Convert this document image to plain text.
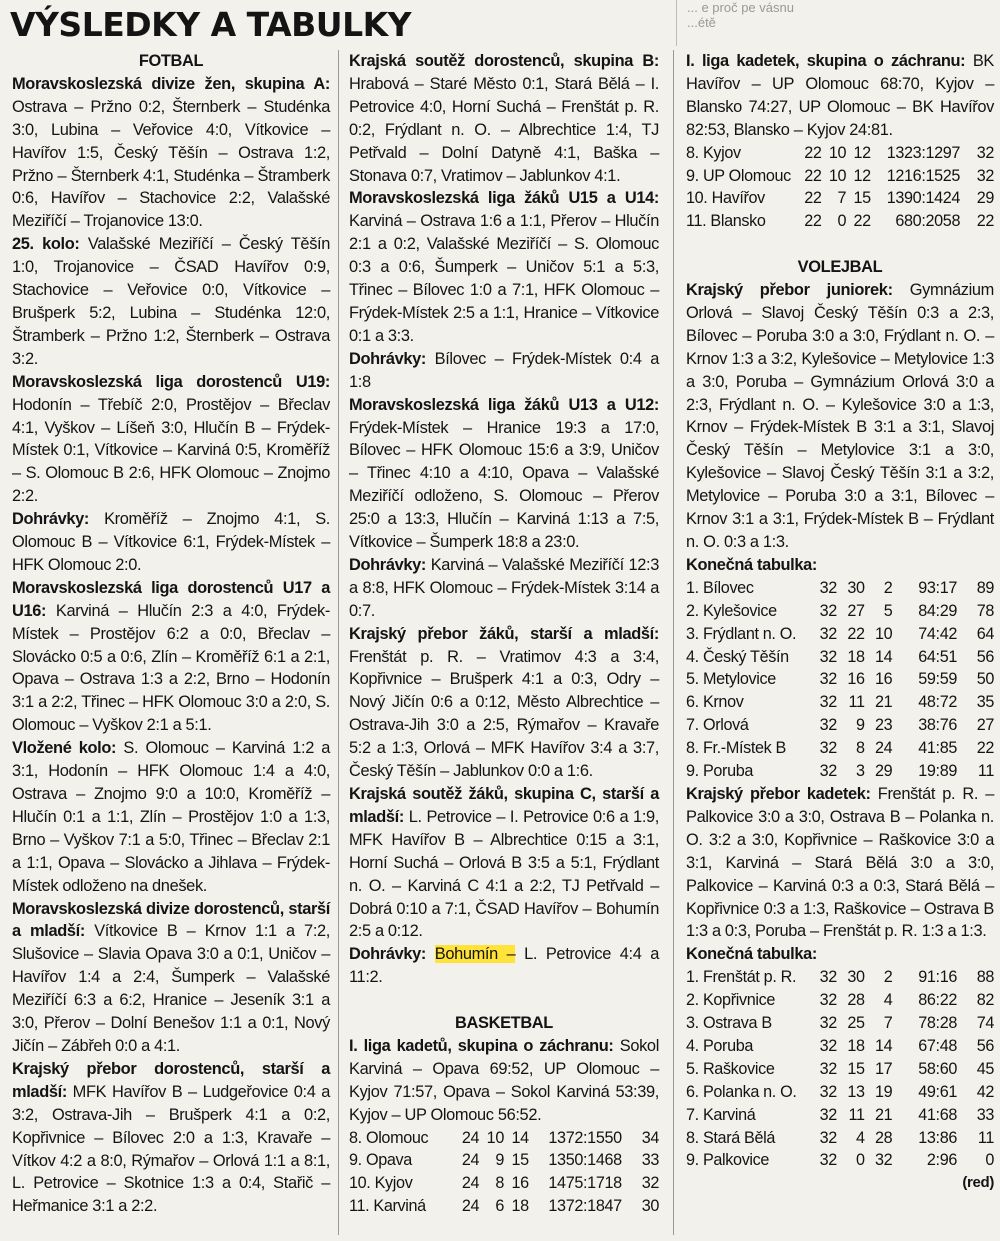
VÝSLEDKY A TABULKY	... e proč pe vásnu
...étě
FOTBAL
Moravskoslezská divize žen, skupina A: Ostrava – Pržno 0:2, Šternberk – Studénka 3:0, Lubina – Veřovice 4:0, Vítkovice – Havířov 1:5, Český Těšín – Ostrava 1:2, Pržno – Šternberk 4:1, Studénka – Štramberk 0:6, Havířov – Stachovice 2:2, Valašské Meziříčí – Trojanovice 13:0.
25. kolo: Valašské Meziříčí – Český Těšín 1:0, Trojanovice – ČSAD Havířov 0:9, Stachovice – Veřovice 0:0, Vítkovice – Brušperk 5:2, Lubina – Studénka 12:0, Štramberk – Pržno 1:2, Šternberk – Ostrava 3:2.
Moravskoslezská liga dorostenců U19: Hodonín – Třebíč 2:0, Prostějov – Břeclav 4:1, Vyškov – Líšeň 3:0, Hlučín B – Frýdek-Místek 0:1, Vítkovice – Karviná 0:5, Kroměříž – S. Olomouc B 2:6, HFK Olomouc – Znojmo 2:2.
Dohrávky: Kroměříž – Znojmo 4:1, S. Olomouc B – Vítkovice 6:1, Frýdek-Místek – HFK Olomouc 2:0.
Moravskoslezská liga dorostenců U17 a U16: Karviná – Hlučín 2:3 a 4:0, Frýdek-Místek – Prostějov 6:2 a 0:0, Břeclav – Slovácko 0:5 a 0:6, Zlín – Kroměříž 6:1 a 2:1, Opava – Ostrava 1:3 a 2:2, Brno – Hodonín 3:1 a 2:2, Třinec – HFK Olomouc 3:0 a 2:0, S. Olomouc – Vyškov 2:1 a 5:1.
Vložené kolo: S. Olomouc – Karviná 1:2 a 3:1, Hodonín – HFK Olomouc 1:4 a 4:0, Ostrava – Znojmo 9:0 a 10:0, Kroměříž – Hlučín 0:1 a 1:1, Zlín – Prostějov 1:0 a 1:3, Brno – Vyškov 7:1 a 5:0, Třinec – Břeclav 2:1 a 1:1, Opava – Slovácko a Jihlava – Frýdek-Místek odloženo na dnešek.
Moravskoslezská divize dorostenců, starší a mladší: Vítkovice B – Krnov 1:1 a 7:2, Slušovice – Slavia Opava 3:0 a 0:1, Uničov – Havířov 1:4 a 2:4, Šumperk – Valašské Meziříčí 6:3 a 6:2, Hranice – Jeseník 3:1 a 3:0, Přerov – Dolní Benešov 1:1 a 0:1, Nový Jičín – Zábřeh 0:0 a 4:1.
Krajský přebor dorostenců, starší a mladší: MFK Havířov B – Ludgeřovice 0:4 a 3:2, Ostrava-Jih – Brušperk 4:1 a 0:2, Kopřivnice – Bílovec 2:0 a 1:3, Kravaře – Vítkov 4:2 a 8:0, Rýmařov – Orlová 1:1 a 8:1, L. Petrovice – Skotnice 1:3 a 0:4, Stařič – Heřmanice 3:1 a 2:2.
Krajská soutěž dorostenců, skupina B: Hrabová – Staré Město 0:1, Stará Bělá – I. Petrovice 4:0, Horní Suchá – Frenštát p. R. 0:2, Frýdlant n. O. – Albrechtice 1:4, TJ Petřvald – Dolní Datyně 4:1, Baška – Stonava 0:7, Vratimov – Jablunkov 4:1.
Moravskoslezská liga žáků U15 a U14: Karviná – Ostrava 1:6 a 1:1, Přerov – Hlučín 2:1 a 0:2, Valašské Meziříčí – S. Olomouc 0:3 a 0:6, Šumperk – Uničov 5:1 a 5:3, Třinec – Bílovec 1:0 a 7:1, HFK Olomouc – Frýdek-Místek 2:5 a 1:1, Hranice – Vítkovice 0:1 a 3:3.
Dohrávky: Bílovec – Frýdek-Místek 0:4 a 1:8
Moravskoslezská liga žáků U13 a U12: Frýdek-Místek – Hranice 19:3 a 17:0, Bílovec – HFK Olomouc 15:6 a 3:9, Uničov – Třinec 4:10 a 4:10, Opava – Valašské Meziříčí odloženo, S. Olomouc – Přerov 25:0 a 13:3, Hlučín – Karviná 1:13 a 7:5, Vítkovice – Šumperk 18:8 a 23:0.
Dohrávky: Karviná – Valašské Meziříčí 12:3 a 8:8, HFK Olomouc – Frýdek-Místek 3:14 a 0:7.
Krajský přebor žáků, starší a mladší: Frenštát p. R. – Vratimov 4:3 a 3:4, Kopřivnice – Brušperk 4:1 a 0:3, Odry – Nový Jičín 0:6 a 0:12, Město Albrechtice – Ostrava-Jih 3:0 a 2:5, Rýmařov – Kravaře 5:2 a 1:3, Orlová – MFK Havířov 3:4 a 3:7, Český Těšín – Jablunkov 0:0 a 1:6.
Krajská soutěž žáků, skupina C, starší a mladší: L. Petrovice – I. Petrovice 0:6 a 1:9, MFK Havířov B – Albrechtice 0:15 a 3:1, Horní Suchá – Orlová B 3:5 a 5:1, Frýdlant n. O. – Karviná C 4:1 a 2:2, TJ Petřvald – Dobrá 0:10 a 7:1, ČSAD Havířov – Bohumín 2:5 a 0:12.
Dohrávky: Bohumín – L. Petrovice 4:4 a 11:2.
BASKETBAL
I. liga kadetů, skupina o záchranu: Sokol Karviná – Opava 69:52, UP Olomouc – Kyjov 71:57, Opava – Sokol Karviná 53:39, Kyjov – UP Olomouc 56:52.
8. Olomouc	24	10	14	1372:1550	34
9. Opava	24	9	15	1350:1468	33
10. Kyjov	24	8	16	1475:1718	32
11. Karviná	24	6	18	1372:1847	30
I. liga kadetek, skupina o záchranu: BK Havířov – UP Olomouc 68:70, Kyjov – Blansko 74:27, UP Olomouc – BK Havířov 82:53, Blansko – Kyjov 24:81.
8. Kyjov	22	10	12	1323:1297	32
9. UP Olomouc	22	10	12	1216:1525	32
10. Havířov	22	7	15	1390:1424	29
11. Blansko	22	0	22	680:2058	22
VOLEJBAL
Krajský přebor juniorek: Gymnázium Orlová – Slavoj Český Těšín 0:3 a 2:3, Bílovec – Poruba 3:0 a 3:0, Frýdlant n. O. – Krnov 1:3 a 3:2, Kylešovice – Metylovice 1:3 a 3:0, Poruba – Gymnázium Orlová 3:0 a 2:3, Frýdlant n. O. – Kylešovice 3:0 a 1:3, Krnov – Frýdek-Místek B 3:1 a 3:1, Slavoj Český Těšín – Metylovice 3:1 a 3:0, Kylešovice – Slavoj Český Těšín 3:1 a 3:2, Metylovice – Poruba 3:0 a 3:1, Bílovec – Krnov 3:1 a 3:1, Frýdek-Místek B – Frýdlant n. O. 0:3 a 1:3.
Konečná tabulka:
1. Bílovec	32	30	2	93:17	89
2. Kylešovice	32	27	5	84:29	78
3. Frýdlant n. O.	32	22	10	74:42	64
4. Český Těšín	32	18	14	64:51	56
5. Metylovice	32	16	16	59:59	50
6. Krnov	32	11	21	48:72	35
7. Orlová	32	9	23	38:76	27
8. Fr.-Místek B	32	8	24	41:85	22
9. Poruba	32	3	29	19:89	11
Krajský přebor kadetek: Frenštát p. R. – Palkovice 3:0 a 3:0, Ostrava B – Polanka n. O. 3:2 a 3:0, Kopřivnice – Raškovice 3:0 a 3:1, Karviná – Stará Bělá 3:0 a 3:0, Palkovice – Karviná 0:3 a 0:3, Stará Bělá – Kopřivnice 0:3 a 1:3, Raškovice – Ostrava B 1:3 a 0:3, Poruba – Frenštát p. R. 1:3 a 1:3.
Konečná tabulka:
1. Frenštát p. R.	32	30	2	91:16	88
2. Kopřivnice	32	28	4	86:22	82
3. Ostrava B	32	25	7	78:28	74
4. Poruba	32	18	14	67:48	56
5. Raškovice	32	15	17	58:60	45
6. Polanka n. O.	32	13	19	49:61	42
7. Karviná	32	11	21	41:68	33
8. Stará Bělá	32	4	28	13:86	11
9. Palkovice	32	0	32	2:96	0
(red)
